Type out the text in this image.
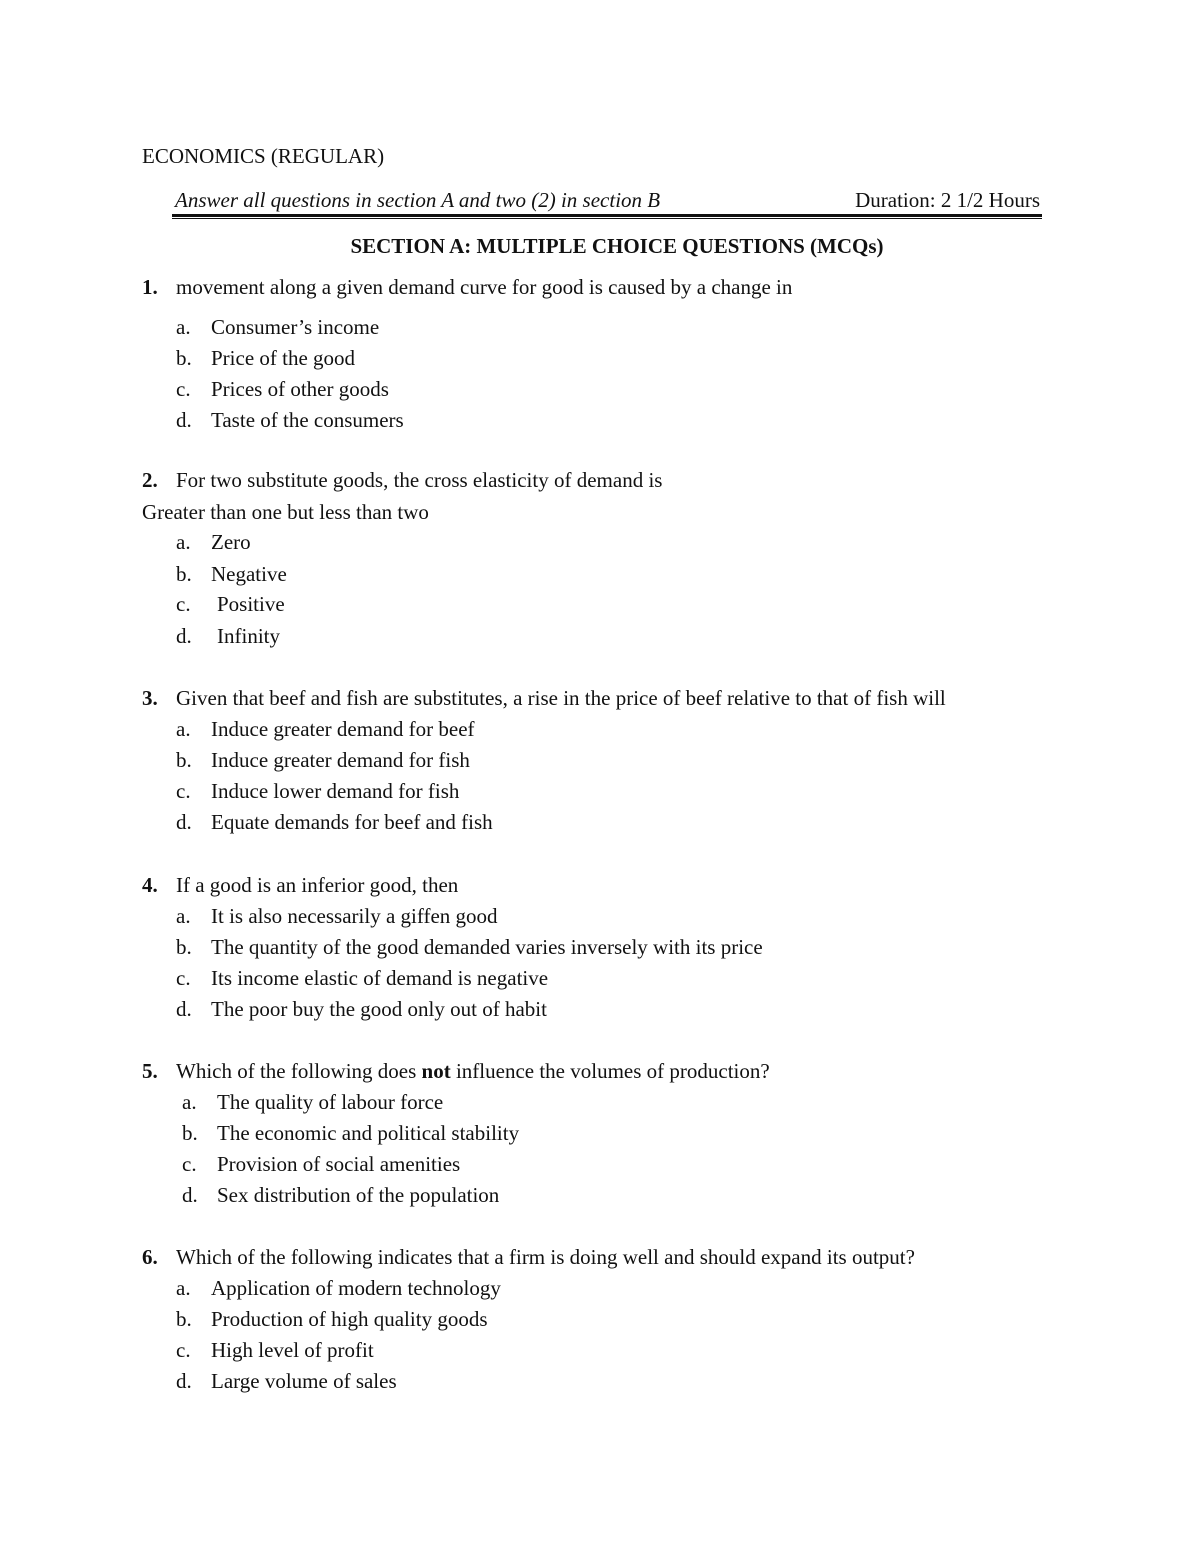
ECONOMICS (REGULAR)
Answer all questions in section A and two (2) in section B	Duration: 2 1/2 Hours
SECTION A: MULTIPLE CHOICE QUESTIONS (MCQs)
1. movement along a given demand curve for good is caused by a change in
a. Consumer’s income
b. Price of the good
c. Prices of other goods
d. Taste of the consumers
2. For two substitute goods, the cross elasticity of demand is
Greater than one but less than two
a. Zero
b. Negative
c. Positive
d. Infinity
3. Given that beef and fish are substitutes, a rise in the price of beef relative to that of fish will
a. Induce greater demand for beef
b. Induce greater demand for fish
c. Induce lower demand for fish
d. Equate demands for beef and fish
4. If a good is an inferior good, then
a. It is also necessarily a giffen good
b. The quantity of the good demanded varies inversely with its price
c. Its income elastic of demand is negative
d. The poor buy the good only out of habit
5. Which of the following does not influence the volumes of production?
a. The quality of labour force
b. The economic and political stability
c. Provision of social amenities
d. Sex distribution of the population
6. Which of the following indicates that a firm is doing well and should expand its output?
a. Application of modern technology
b. Production of high quality goods
c. High level of profit
d. Large volume of sales
